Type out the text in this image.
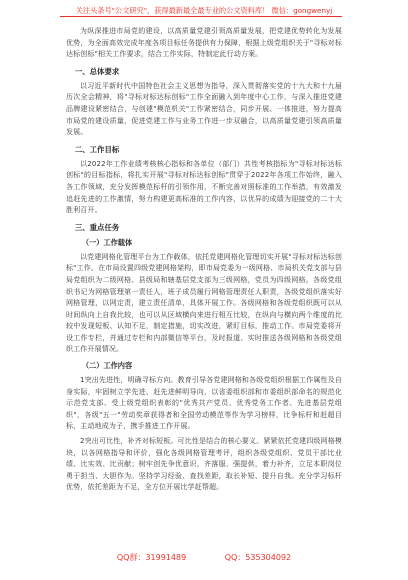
关注头条号"公文研究"，获得最新最全最专业的公文资料库！ 微信：gongwenyj

为纵深推进市局党的建设，以高质量党建引领高质量发展，把党建优势转化为发展优势，为全面高效完成年度各项目标任务提供有力保障，根据上级党组织关于"寻标对标达标创标"相关工作要求，结合工作实际，特制定此行动方案。

一、总体要求

以习近平新时代中国特色社会主义思想为指导，深入贯彻落实党的十九大和十九届历次全会精神，将"寻标对标达标创标"工作全面融入到年度中心工作，与深入推进党建品牌建设紧密结合，与创建"模范机关"工作紧密结合，同步开展、一体推进，努力提高市局党的建设质量，促进党建工作与业务工作进一步双融合，以高质量党建引领高质量发展。

二、工作目标

以2022年工作业绩考核核心指标和各单位（部门）共性考核指标为"寻标对标达标创标"的目标指标，将扎实开展"寻标对标达标创标"贯穿于2022年各项工作始终，融入各工作领域，充分发挥模范标杆的引领作用，不断完善对照标准的工作举措，有效激发追赶先进的工作激情，努力构建更高标准的工作内容，以优异的成绩为迎接党的二十大胜利召开。

三、重点任务
（一）工作载体

以党建网格化管理平台为工作载体，依托党建网格化管理切实开展"寻标对标达标创标"工作。在市局设置四级党建网格架构，即市局党委为一级网格、市局机关党支部与县局党组织为二级网格、县级局和辖基层党支部为三级网格，党员为四级网格。各级党组织书记为网格管理第一责任人，班子成员履行网格管理责任人职责，各级党组织落实好网格管理，以网定责，建立责任清单，具体开展工作。各级网格和各级党组织既可以从时间纵向上自我比较，也可以从区域横向来进行相互比较，在纵向与横向两个维度的比较中发现短板、认知不足，制定措施，切实改进，紧盯目标，推动工作。市局党委将开设工作专栏，并通过专栏和内部微信等平台，及时报道、实时推送各级网格和各级党组织工作开展情况。

（二）工作内容

1突出先进性，明确寻标方向。教育引导各党建网格和各级党组织根据工作属性及自身实际，牢固树立学先进、赶先进鲜明导向，以省委组织部和市委组织部命名的规范化示范党支部、受上级党组织表彰的"优秀共产党员、优秀党务工作者、先进基层党组织"，各级"五一"劳动奖章获得者和全国劳动模范等作为学习榜样，比争标杆和赶超目标，主动地成为子，携手推进工作开展。

2突出可比性，补齐对标短板。可比性是结合的核心要义。紧紧依托党建四级网格模块，以各网格指导和评价，强化各级网格管理考评，组织各级党组织、党员干部比业绩、比实效、比贡献；树牢创先争优意识，齐落服、强提供，着力补齐，立足本职岗位勇于担当、大胆作为。坚持学习经验、查找差距，取长补短、提升自我。充分学习标杆优势，依托差距为不足，全方位开展比学赶帮超。

QQ群：31991489	QQ：535304092
